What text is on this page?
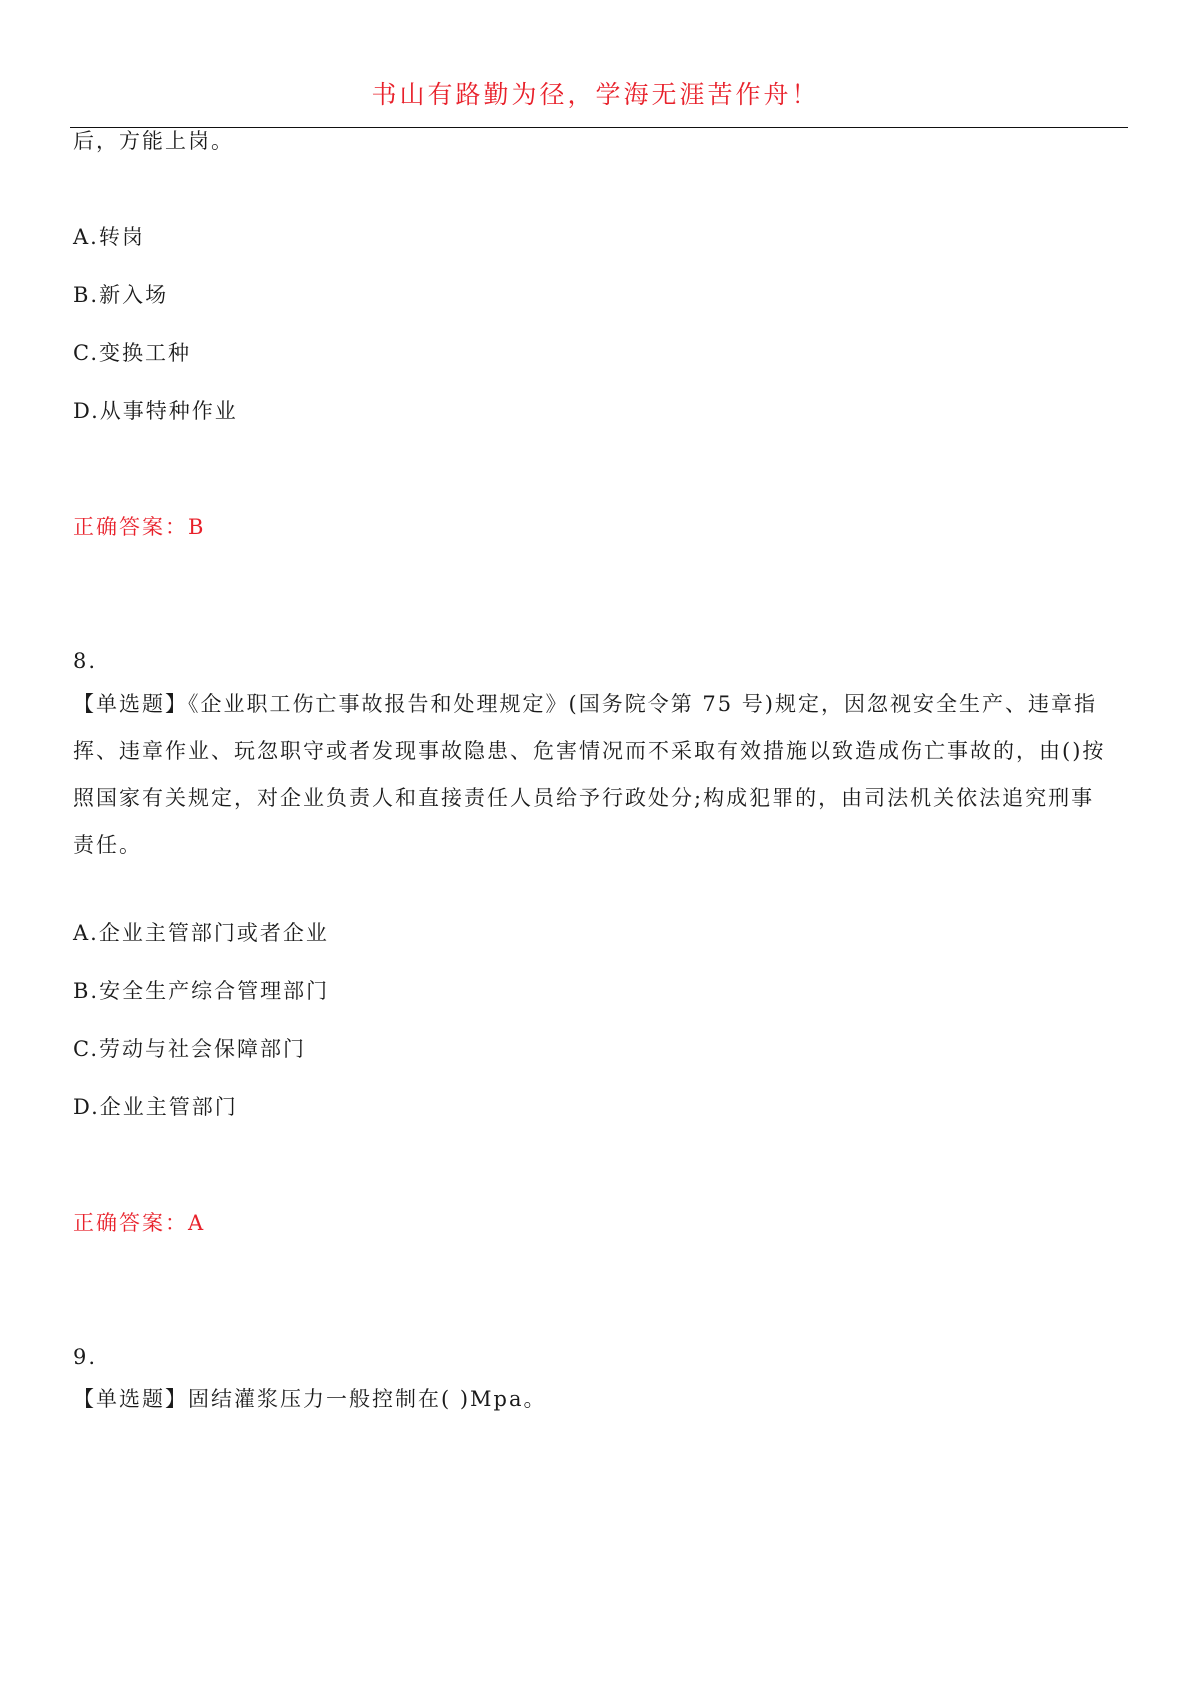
书山有路勤为径，学海无涯苦作舟！
后，方能上岗。
A.转岗
B.新入场
C.变换工种
D.从事特种作业
正确答案：B
8.
【单选题】《企业职工伤亡事故报告和处理规定》(国务院令第 75 号)规定，因忽视安全生产、违章指挥、违章作业、玩忽职守或者发现事故隐患、危害情况而不采取有效措施以致造成伤亡事故的，由()按照国家有关规定，对企业负责人和直接责任人员给予行政处分;构成犯罪的，由司法机关依法追究刑事责任。
A.企业主管部门或者企业
B.安全生产综合管理部门
C.劳动与社会保障部门
D.企业主管部门
正确答案：A
9.
【单选题】固结灌浆压力一般控制在( )Mpa。
